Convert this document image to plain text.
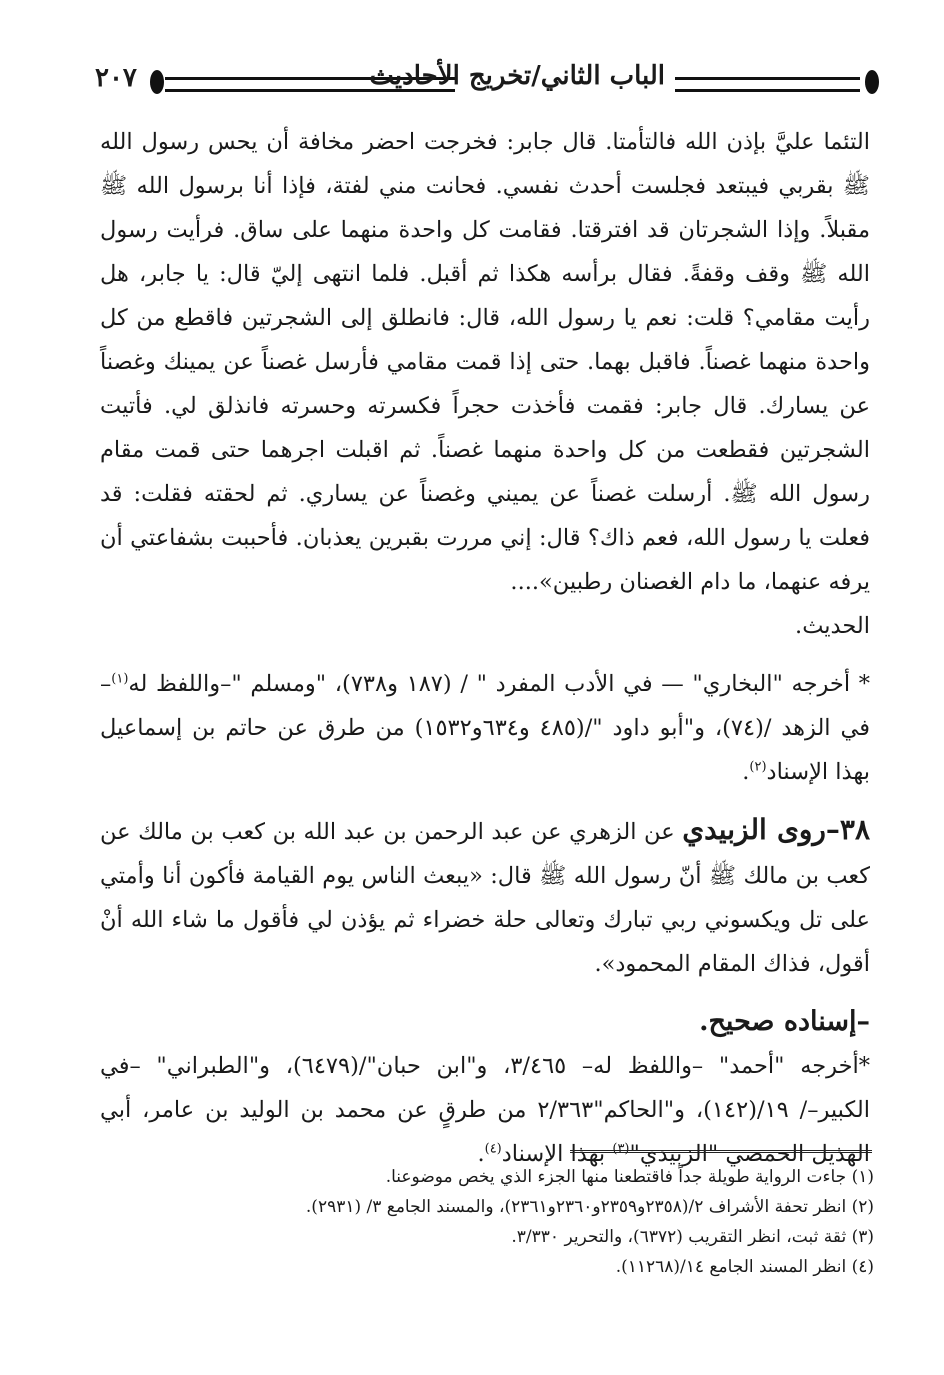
٢٠٧	الباب الثاني/تخريج الأحاديث

التئما عليَّ بإذن الله فالتأمتا. قال جابر: فخرجت احضر مخافة أن يحس رسول الله ﷺ بقربي فيبتعد فجلست أحدث نفسي. فحانت مني لفتة، فإذا أنا برسول الله ﷺ مقبلاً. وإذا الشجرتان قد افترقتا. فقامت كل واحدة منهما على ساق. فرأيت رسول الله ﷺ وقف وقفةً. فقال برأسه هكذا ثم أقبل. فلما انتهى إليّ قال: يا جابر، هل رأيت مقامي؟ قلت: نعم يا رسول الله، قال: فانطلق إلى الشجرتين فاقطع من كل واحدة منهما غصناً. فاقبل بهما. حتى إذا قمت مقامي فأرسل غصناً عن يمينك وغصناً عن يسارك. قال جابر: فقمت فأخذت حجراً فكسرته وحسرته فانذلق لي. فأتيت الشجرتين فقطعت من كل واحدة منهما غصناً. ثم اقبلت اجرهما حتى قمت مقام رسول الله ﷺ. أرسلت غصناً عن يميني وغصناً عن يساري. ثم لحقته فقلت: قد فعلت يا رسول الله، فعم ذاك؟ قال: إني مررت بقبرين يعذبان. فأحببت بشفاعتي أن يرفه عنهما، ما دام الغصنان رطبين»....

الحديث.

* أخرجه "البخاري" — في الأدب المفرد " / (١٨٧ و٧٣٨)، "ومسلم "–واللفظ له$^{(١)}$– في الزهد /(٧٤)، و"أبو داود "/(٤٨٥ و٦٣٤و١٥٣٢) من طرق عن حاتم بن إسماعيل بهذا الإسناد$^{(٢)}$.

٣٨–روى الزبيدي عن الزهري عن عبد الرحمن بن عبد الله بن كعب بن مالك عن كعب بن مالك ﷺ أنّ رسول الله ﷺ قال: «يبعث الناس يوم القيامة فأكون أنا وأمتي على تل ويكسوني ربي تبارك وتعالى حلة خضراء ثم يؤذن لي فأقول ما شاء الله أنْ أقول، فذاك المقام المحمود».

–إسناده صحيح.

*أخرجه "أحمد" –واللفظ له– ٣/٤٦٥، و"ابن حبان"/(٦٤٧٩)، و"الطبراني" –في الكبير–/ ١٩/(١٤٢)، و"الحاكم"٢/٣٦٣ من طرقٍ عن محمد بن الوليد بن عامر، أبي الهذيل الحمصي "الزبيدي"$^{(٣)}$ بهذا الإسناد$^{(٤)}$.

(١) جاءت الرواية طويلة جداً فاقتطعنا منها الجزء الذي يخص موضوعنا.

(٢) انظر تحفة الأشراف ٢/(٢٣٥٨و٢٣٥٩و٢٣٦٠و٢٣٦١)، والمسند الجامع ٣/ (٢٩٣١).

(٣) ثقة ثبت، انظر التقريب (٦٣٧٢)، والتحرير ٣/٣٣٠.

(٤) انظر المسند الجامع ١٤/(١١٢٦٨).
